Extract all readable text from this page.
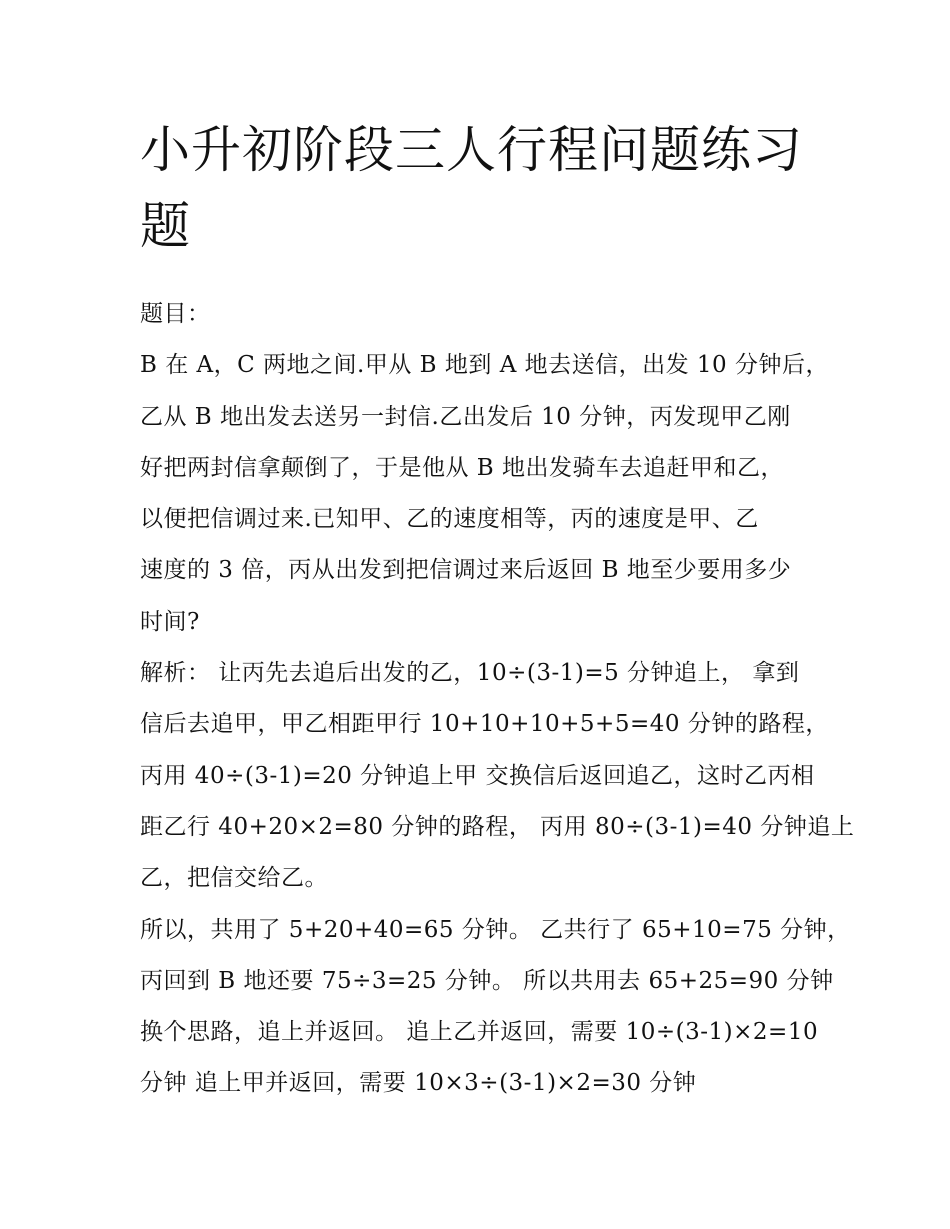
小升初阶段三人行程问题练习
题
题目：
B 在 A，C 两地之间.甲从 B 地到 A 地去送信，出发 10 分钟后，
乙从 B 地出发去送另一封信.乙出发后 10 分钟，丙发现甲乙刚
好把两封信拿颠倒了，于是他从 B 地出发骑车去追赶甲和乙，
以便把信调过来.已知甲、乙的速度相等，丙的速度是甲、乙
速度的 3 倍，丙从出发到把信调过来后返回 B 地至少要用多少
时间?
解析： 让丙先去追后出发的乙，10÷(3-1)=5 分钟追上， 拿到
信后去追甲，甲乙相距甲行 10+10+10+5+5=40 分钟的路程，
丙用 40÷(3-1)=20 分钟追上甲 交换信后返回追乙，这时乙丙相
距乙行 40+20×2=80 分钟的路程， 丙用 80÷(3-1)=40 分钟追上
乙，把信交给乙。
所以，共用了 5+20+40=65 分钟。 乙共行了 65+10=75 分钟，
丙回到 B 地还要 75÷3=25 分钟。 所以共用去 65+25=90 分钟
换个思路，追上并返回。 追上乙并返回，需要 10÷(3-1)×2=10
分钟 追上甲并返回，需要 10×3÷(3-1)×2=30 分钟
